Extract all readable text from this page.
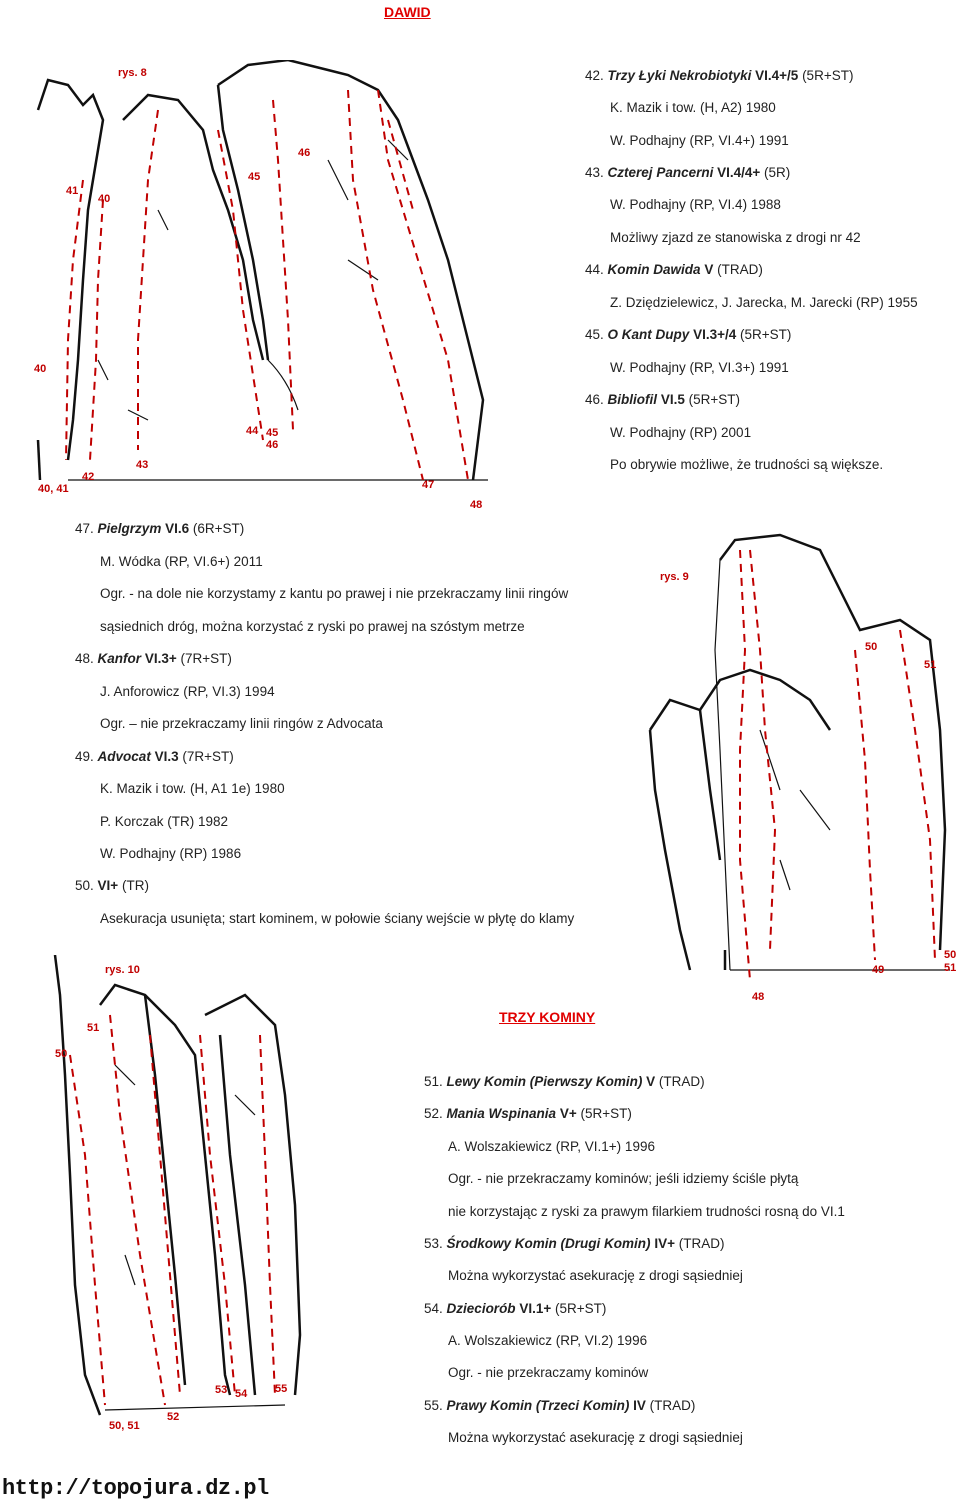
DAWID
rys. 8
41
40
40
45
46
44 45
46
43
42
40, 41	47
48
42. Trzy Łyki Nekrobiotyki VI.4+/5 (5R+ST)
K. Mazik i tow. (H, A2) 1980
W. Podhajny (RP, VI.4+) 1991
43. Czterej Pancerni VI.4/4+ (5R)
W. Podhajny (RP, VI.4) 1988
Możliwy zjazd ze stanowiska z drogi nr 42
44. Komin Dawida V (TRAD)
Z. Dziędzielewicz, J. Jarecka, M. Jarecki (RP) 1955
45. O Kant Dupy VI.3+/4 (5R+ST)
W. Podhajny (RP, VI.3+) 1991
46. Bibliofil VI.5 (5R+ST)
W. Podhajny (RP) 2001
Po obrywie możliwe, że trudności są większe.
47. Pielgrzym VI.6 (6R+ST)
M. Wódka (RP, VI.6+) 2011
Ogr. - na dole nie korzystamy z kantu po prawej i nie przekraczamy linii ringów
sąsiednich dróg, można korzystać z ryski po prawej na szóstym metrze
48. Kanfor VI.3+ (7R+ST)
J. Anforowicz (RP, VI.3) 1994
Ogr. – nie przekraczamy linii ringów z Advocata
49. Advocat VI.3 (7R+ST)
K. Mazik i tow. (H, A1 1e) 1980
P. Korczak (TR) 1982
W. Podhajny (RP) 1986
50. VI+ (TR)
Asekuracja usunięta; start kominem, w połowie ściany wejście w płytę do klamy
rys. 9
50
51
48
49
50
51
TRZY KOMINY
rys. 10
51
50
53 54	55
50, 51
52
51. Lewy Komin (Pierwszy Komin) V (TRAD)
52. Mania Wspinania V+ (5R+ST)
A. Wolszakiewicz (RP, VI.1+) 1996
Ogr. - nie przekraczamy kominów; jeśli idziemy ściśle płytą
nie korzystając z ryski za prawym filarkiem trudności rosną do VI.1
53. Środkowy Komin (Drugi Komin) IV+ (TRAD)
Można wykorzystać asekurację z drogi sąsiedniej
54. Dzieciorób VI.1+ (5R+ST)
A. Wolszakiewicz (RP, VI.2) 1996
Ogr. - nie przekraczamy kominów
55. Prawy Komin (Trzeci Komin) IV (TRAD)
Można wykorzystać asekurację z drogi sąsiedniej
http://topojura.dz.pl
